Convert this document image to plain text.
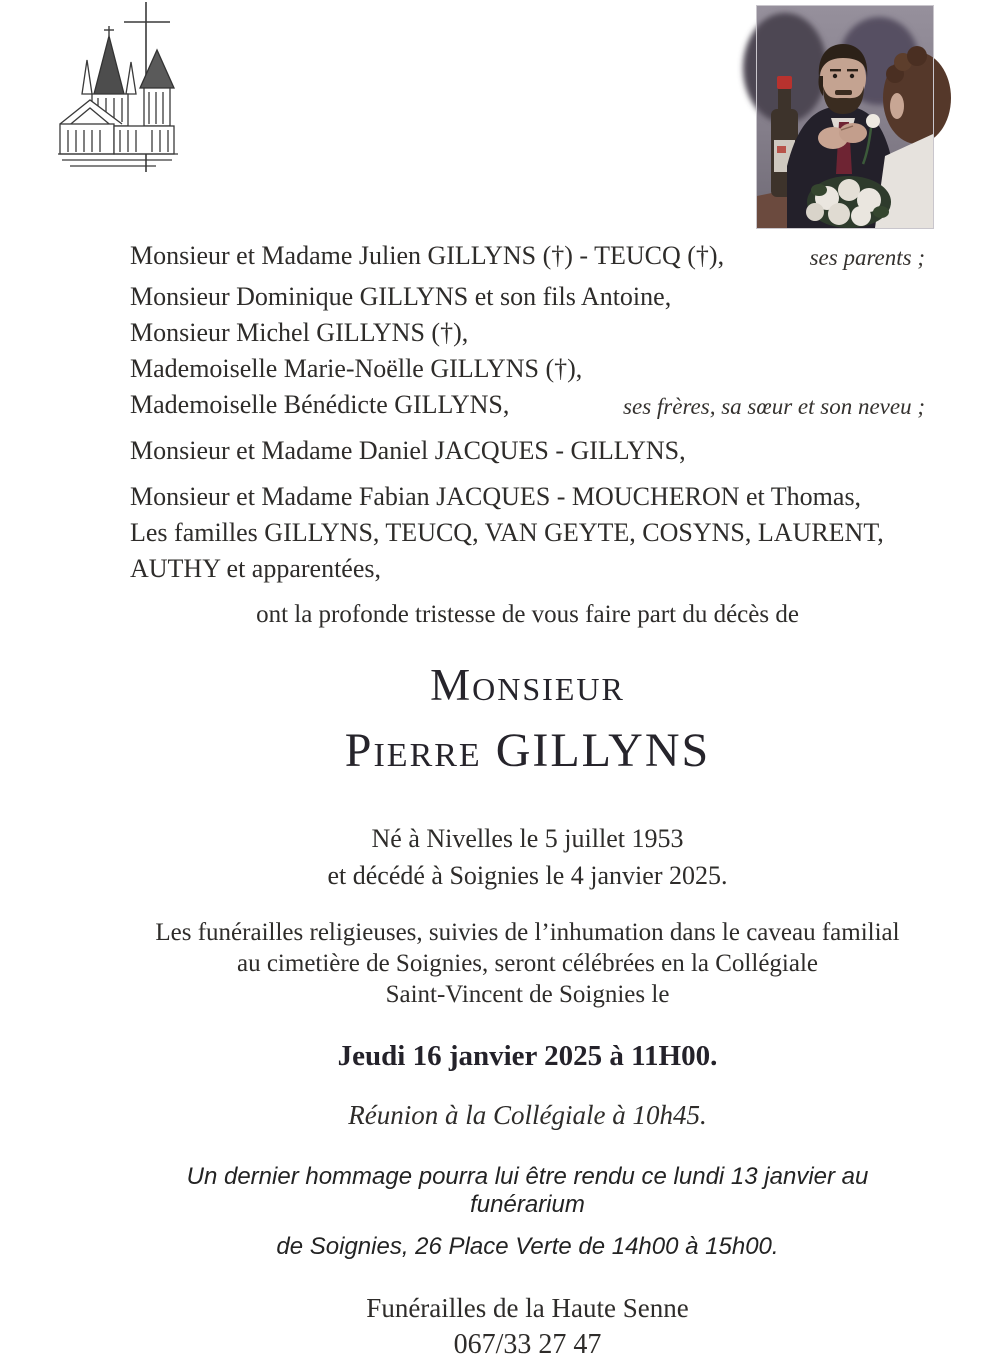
Monsieur et Madame Julien GILLYNS (†) - TEUCQ (†),	ses parents ;
Monsieur Dominique GILLYNS et son fils Antoine,
Monsieur Michel GILLYNS (†),
Mademoiselle Marie-Noëlle GILLYNS (†),
Mademoiselle Bénédicte GILLYNS,	ses frères, sa sœur et son neveu ;
Monsieur et Madame Daniel JACQUES - GILLYNS,
Monsieur et Madame Fabian JACQUES - MOUCHERON et Thomas,
Les familles GILLYNS, TEUCQ, VAN GEYTE, COSYNS, LAURENT,
AUTHY et apparentées,

ont la profonde tristesse de vous faire part du décès de

Monsieur
Pierre GILLYNS

Né à Nivelles le 5 juillet 1953

et décédé à Soignies le 4 janvier 2025.

Les funérailles religieuses, suivies de l’inhumation dans le caveau familial
au cimetière de Soignies, seront célébrées en la Collégiale
Saint-Vincent de Soignies le

Jeudi 16 janvier 2025 à 11H00.

Réunion à la Collégiale à 10h45.

Un dernier hommage pourra lui être rendu ce lundi 13 janvier au funérarium

de Soignies, 26 Place Verte de 14h00 à 15h00.

Funérailles de la Haute Senne

067/33 27 47
